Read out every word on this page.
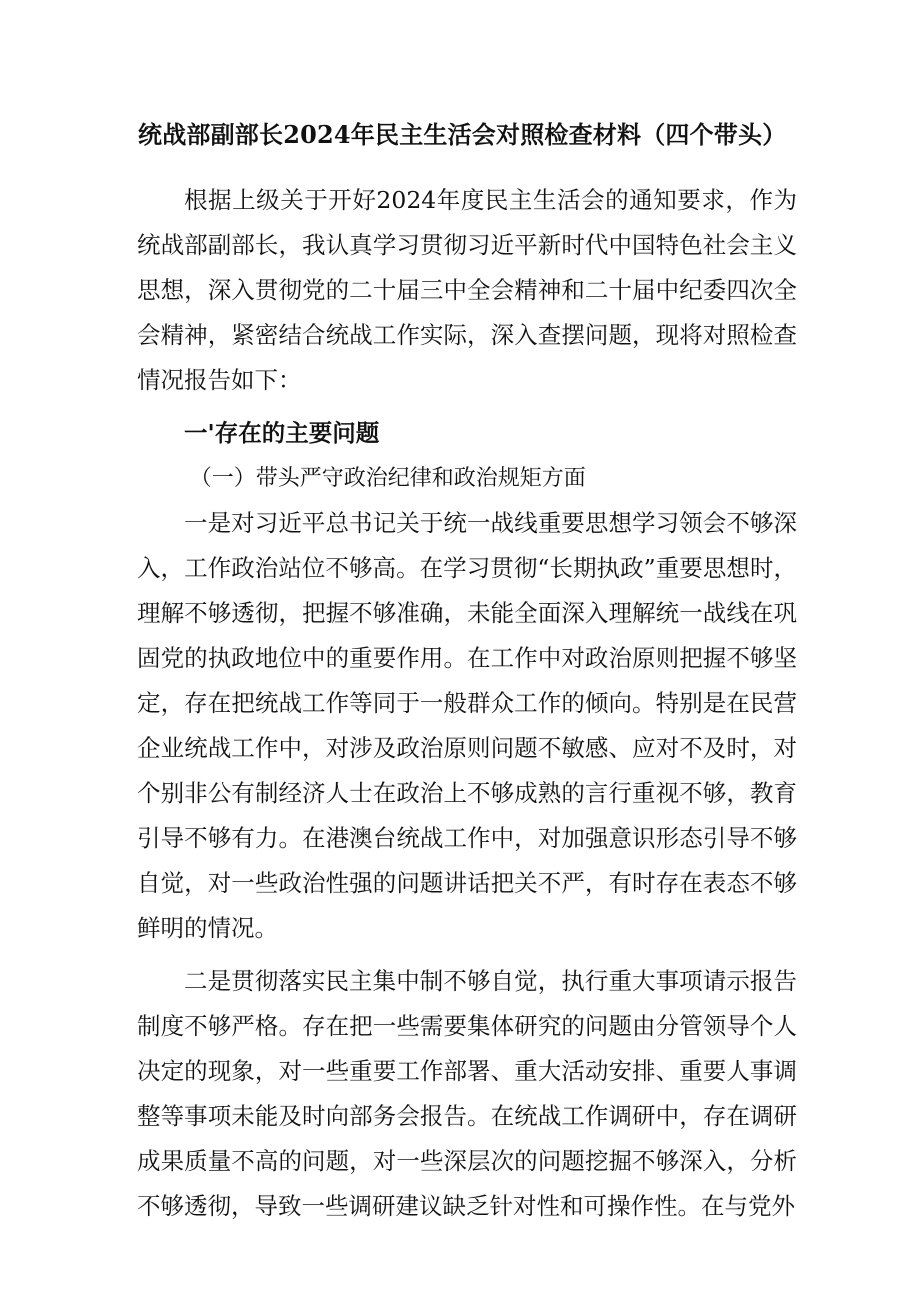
统战部副部长2024年民主生活会对照检查材料（四个带头）

根据上级关于开好2024年度民主生活会的通知要求，作为统战部副部长，我认真学习贯彻习近平新时代中国特色社会主义思想，深入贯彻党的二十届三中全会精神和二十届中纪委四次全会精神，紧密结合统战工作实际，深入查摆问题，现将对照检查情况报告如下：

一'存在的主要问题

（一）带头严守政治纪律和政治规矩方面

一是对习近平总书记关于统一战线重要思想学习领会不够深入，工作政治站位不够高。在学习贯彻“长期执政”重要思想时，理解不够透彻，把握不够准确，未能全面深入理解统一战线在巩固党的执政地位中的重要作用。在工作中对政治原则把握不够坚定，存在把统战工作等同于一般群众工作的倾向。特别是在民营企业统战工作中，对涉及政治原则问题不敏感、应对不及时，对个别非公有制经济人士在政治上不够成熟的言行重视不够，教育引导不够有力。在港澳台统战工作中，对加强意识形态引导不够自觉，对一些政治性强的问题讲话把关不严，有时存在表态不够鲜明的情况。

二是贯彻落实民主集中制不够自觉，执行重大事项请示报告制度不够严格。存在把一些需要集体研究的问题由分管领导个人决定的现象，对一些重要工作部署、重大活动安排、重要人事调整等事项未能及时向部务会报告。在统战工作调研中，存在调研成果质量不高的问题，对一些深层次的问题挖掘不够深入，分析不够透彻，导致一些调研建议缺乏针对性和可操作性。在与党外
